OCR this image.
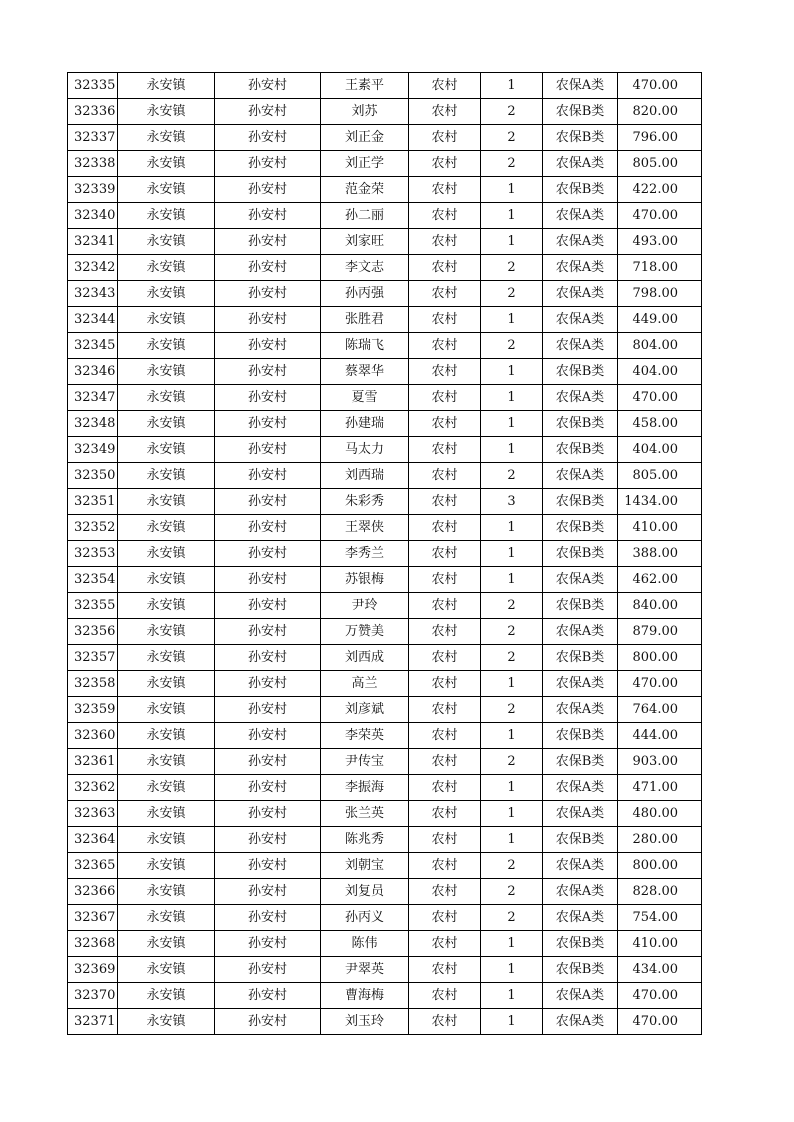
32335	永安镇	孙安村	王素平	农村	1	农保A类	470.00
32336	永安镇	孙安村	刘苏	农村	2	农保B类	820.00
32337	永安镇	孙安村	刘正金	农村	2	农保B类	796.00
32338	永安镇	孙安村	刘正学	农村	2	农保A类	805.00
32339	永安镇	孙安村	范金荣	农村	1	农保B类	422.00
32340	永安镇	孙安村	孙二丽	农村	1	农保A类	470.00
32341	永安镇	孙安村	刘家旺	农村	1	农保A类	493.00
32342	永安镇	孙安村	李文志	农村	2	农保A类	718.00
32343	永安镇	孙安村	孙丙强	农村	2	农保A类	798.00
32344	永安镇	孙安村	张胜君	农村	1	农保A类	449.00
32345	永安镇	孙安村	陈瑞飞	农村	2	农保A类	804.00
32346	永安镇	孙安村	蔡翠华	农村	1	农保B类	404.00
32347	永安镇	孙安村	夏雪	农村	1	农保A类	470.00
32348	永安镇	孙安村	孙建瑞	农村	1	农保B类	458.00
32349	永安镇	孙安村	马太力	农村	1	农保B类	404.00
32350	永安镇	孙安村	刘西瑞	农村	2	农保A类	805.00
32351	永安镇	孙安村	朱彩秀	农村	3	农保B类	1434.00
32352	永安镇	孙安村	王翠侠	农村	1	农保B类	410.00
32353	永安镇	孙安村	李秀兰	农村	1	农保B类	388.00
32354	永安镇	孙安村	苏银梅	农村	1	农保A类	462.00
32355	永安镇	孙安村	尹玲	农村	2	农保B类	840.00
32356	永安镇	孙安村	万赞美	农村	2	农保A类	879.00
32357	永安镇	孙安村	刘西成	农村	2	农保B类	800.00
32358	永安镇	孙安村	高兰	农村	1	农保A类	470.00
32359	永安镇	孙安村	刘彦斌	农村	2	农保A类	764.00
32360	永安镇	孙安村	李荣英	农村	1	农保B类	444.00
32361	永安镇	孙安村	尹传宝	农村	2	农保B类	903.00
32362	永安镇	孙安村	李振海	农村	1	农保A类	471.00
32363	永安镇	孙安村	张兰英	农村	1	农保A类	480.00
32364	永安镇	孙安村	陈兆秀	农村	1	农保B类	280.00
32365	永安镇	孙安村	刘朝宝	农村	2	农保A类	800.00
32366	永安镇	孙安村	刘复员	农村	2	农保A类	828.00
32367	永安镇	孙安村	孙丙义	农村	2	农保A类	754.00
32368	永安镇	孙安村	陈伟	农村	1	农保B类	410.00
32369	永安镇	孙安村	尹翠英	农村	1	农保B类	434.00
32370	永安镇	孙安村	曹海梅	农村	1	农保A类	470.00
32371	永安镇	孙安村	刘玉玲	农村	1	农保A类	470.00
